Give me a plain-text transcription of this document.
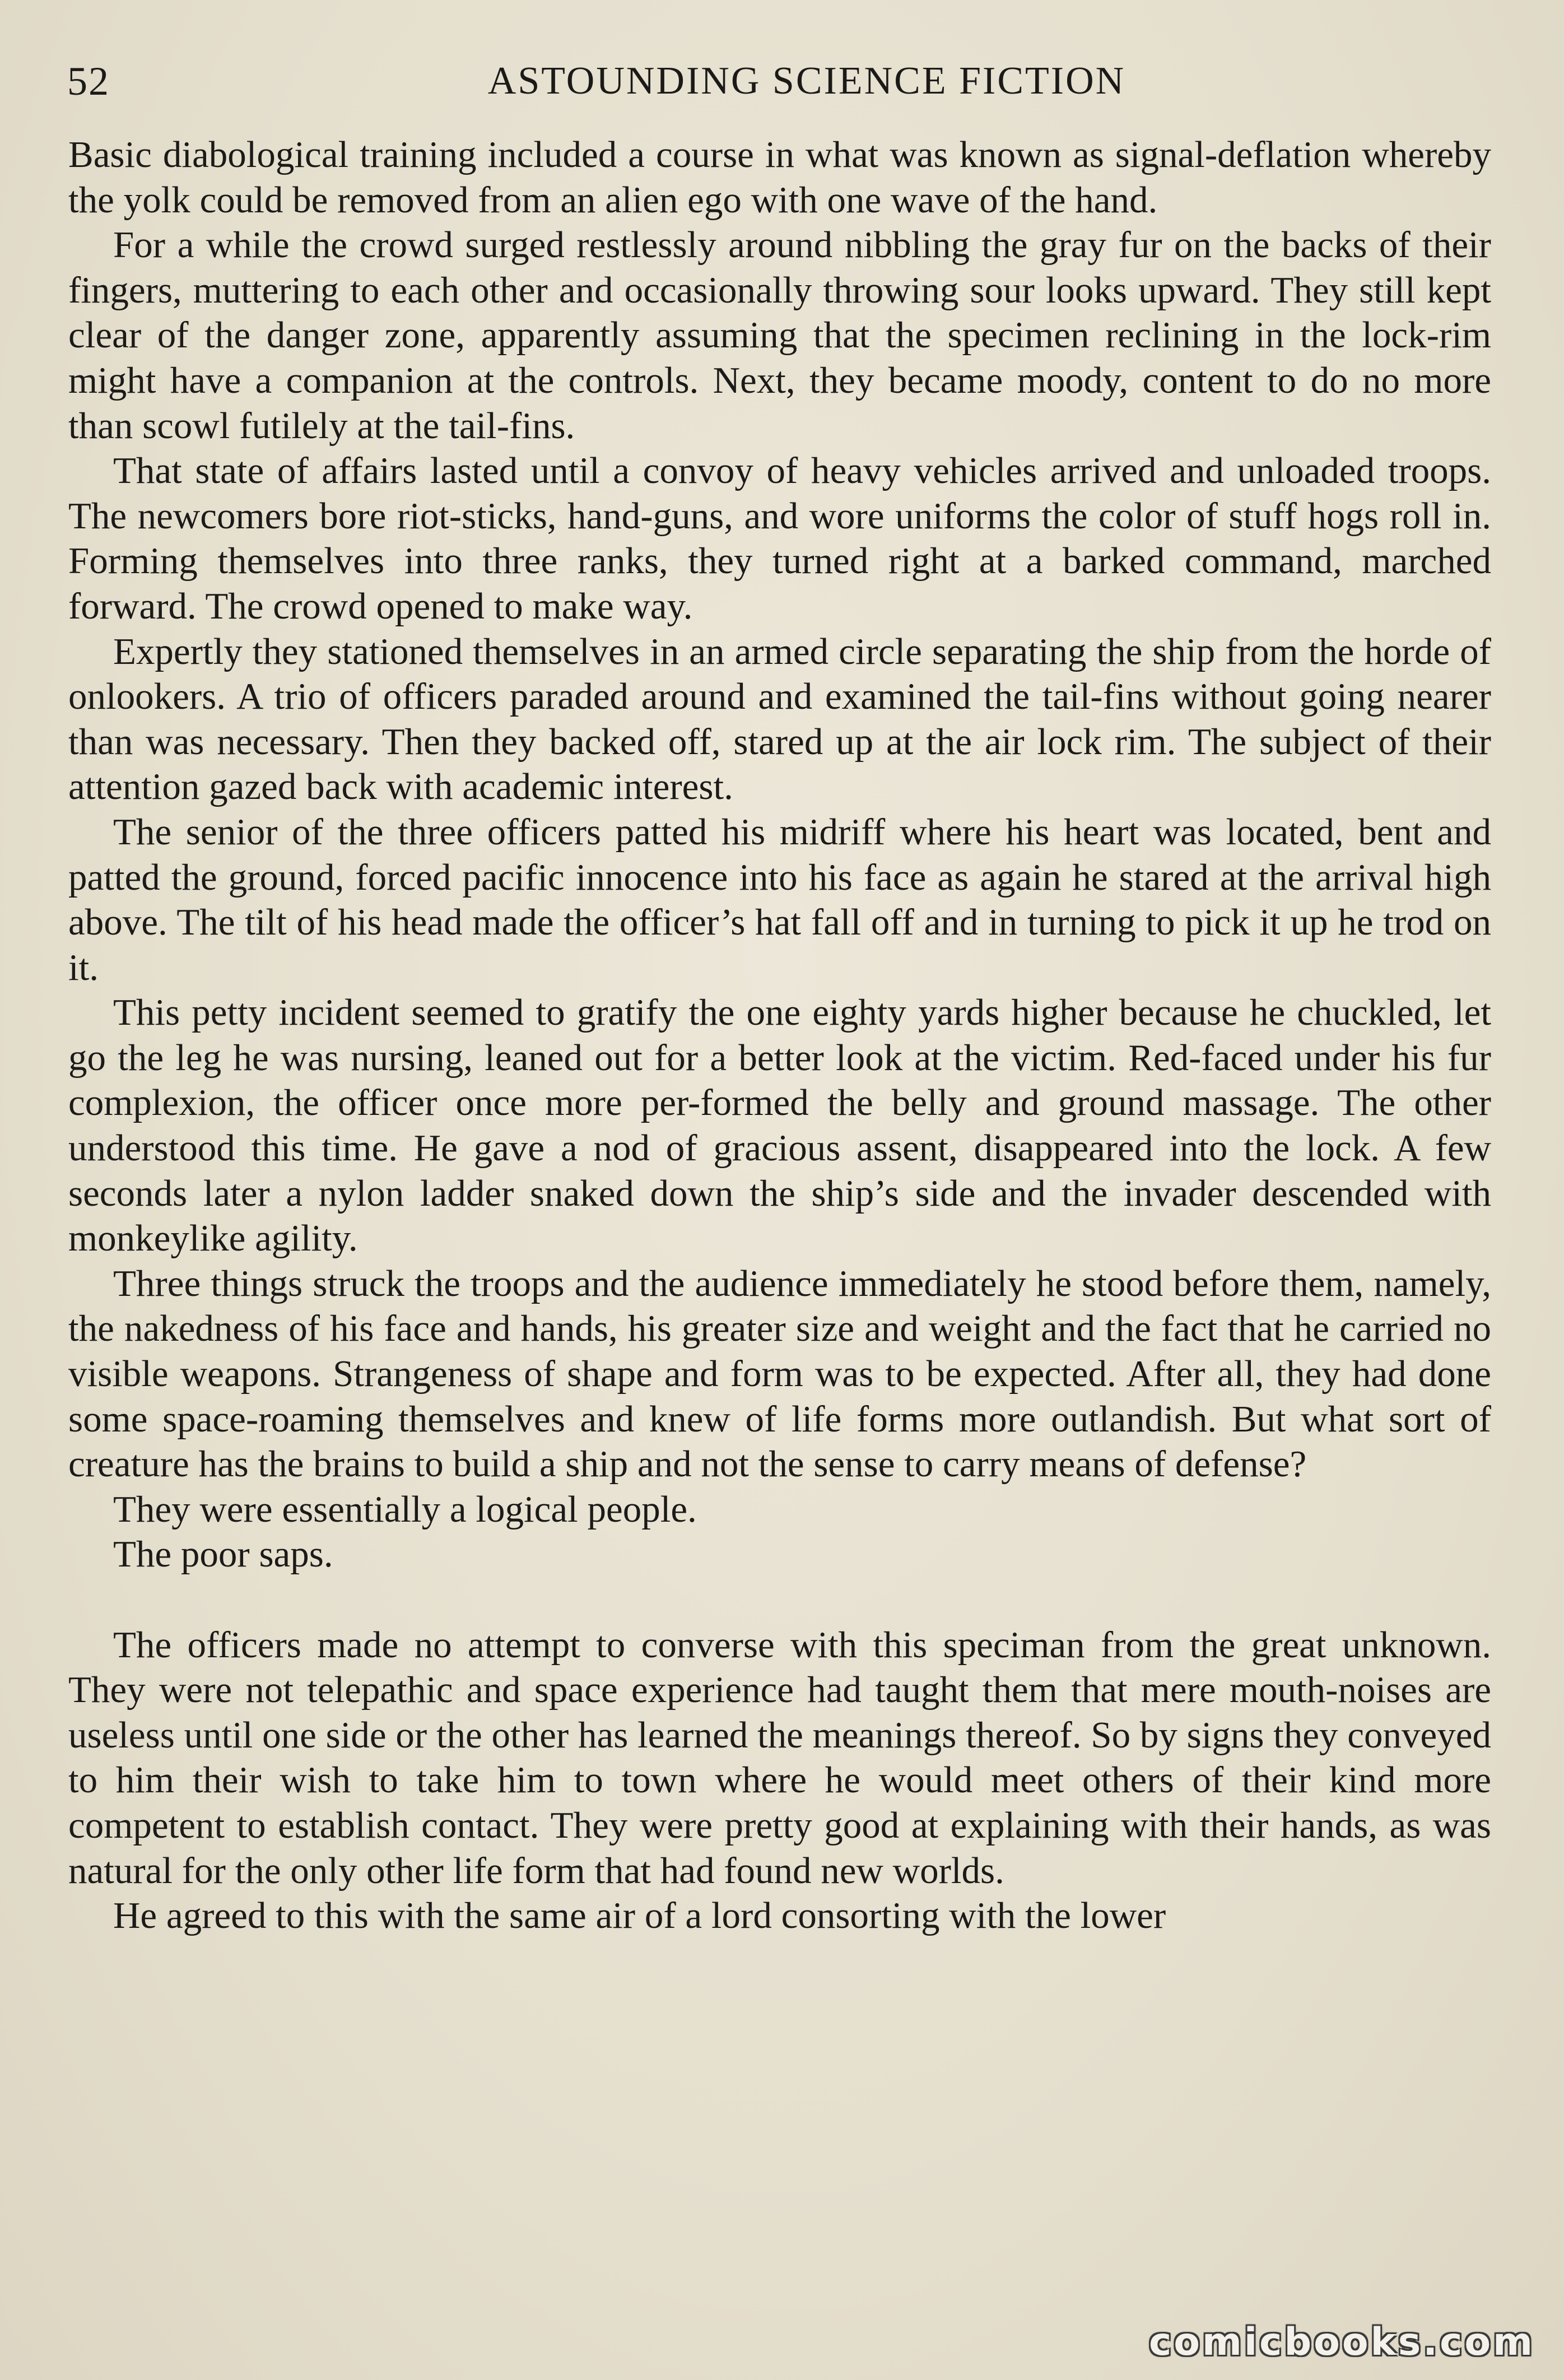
52	ASTOUNDING SCIENCE FICTION

Basic diabological training included a course in what was known as signal-deflation whereby the yolk could be removed from an alien ego with one wave of the hand.

For a while the crowd surged restlessly around nibbling the gray fur on the backs of their fingers, muttering to each other and occasionally throwing sour looks upward. They still kept clear of the danger zone, apparently assuming that the specimen reclining in the lock-rim might have a companion at the controls. Next, they became moody, content to do no more than scowl futilely at the tail-fins.

That state of affairs lasted until a convoy of heavy vehicles arrived and unloaded troops. The newcomers bore riot-sticks, hand-guns, and wore uniforms the color of stuff hogs roll in. Forming themselves into three ranks, they turned right at a barked command, marched forward. The crowd opened to make way.

Expertly they stationed themselves in an armed circle separating the ship from the horde of onlookers. A trio of officers paraded around and examined the tail-fins without going nearer than was necessary. Then they backed off, stared up at the air lock rim. The subject of their attention gazed back with academic interest.

The senior of the three officers patted his midriff where his heart was located, bent and patted the ground, forced pacific innocence into his face as again he stared at the arrival high above. The tilt of his head made the officer’s hat fall off and in turning to pick it up he trod on it.

This petty incident seemed to gratify the one eighty yards higher because he chuckled, let go the leg he was nursing, leaned out for a better look at the victim. Red-faced under his fur complexion, the officer once more per-formed the belly and ground massage. The other understood this time. He gave a nod of gracious assent, disappeared into the lock. A few seconds later a nylon ladder snaked down the ship’s side and the invader descended with monkeylike agility.

Three things struck the troops and the audience immediately he stood before them, namely, the nakedness of his face and hands, his greater size and weight and the fact that he carried no visible weapons. Strangeness of shape and form was to be expected. After all, they had done some space-roaming themselves and knew of life forms more outlandish. But what sort of creature has the brains to build a ship and not the sense to carry means of defense?

They were essentially a logical people.

The poor saps.

The officers made no attempt to converse with this speciman from the great unknown. They were not telepathic and space experience had taught them that mere mouth-noises are useless until one side or the other has learned the meanings thereof. So by signs they conveyed to him their wish to take him to town where he would meet others of their kind more competent to establish contact. They were pretty good at explaining with their hands, as was natural for the only other life form that had found new worlds.

He agreed to this with the same air of a lord consorting with the lower

comicbooks.com
